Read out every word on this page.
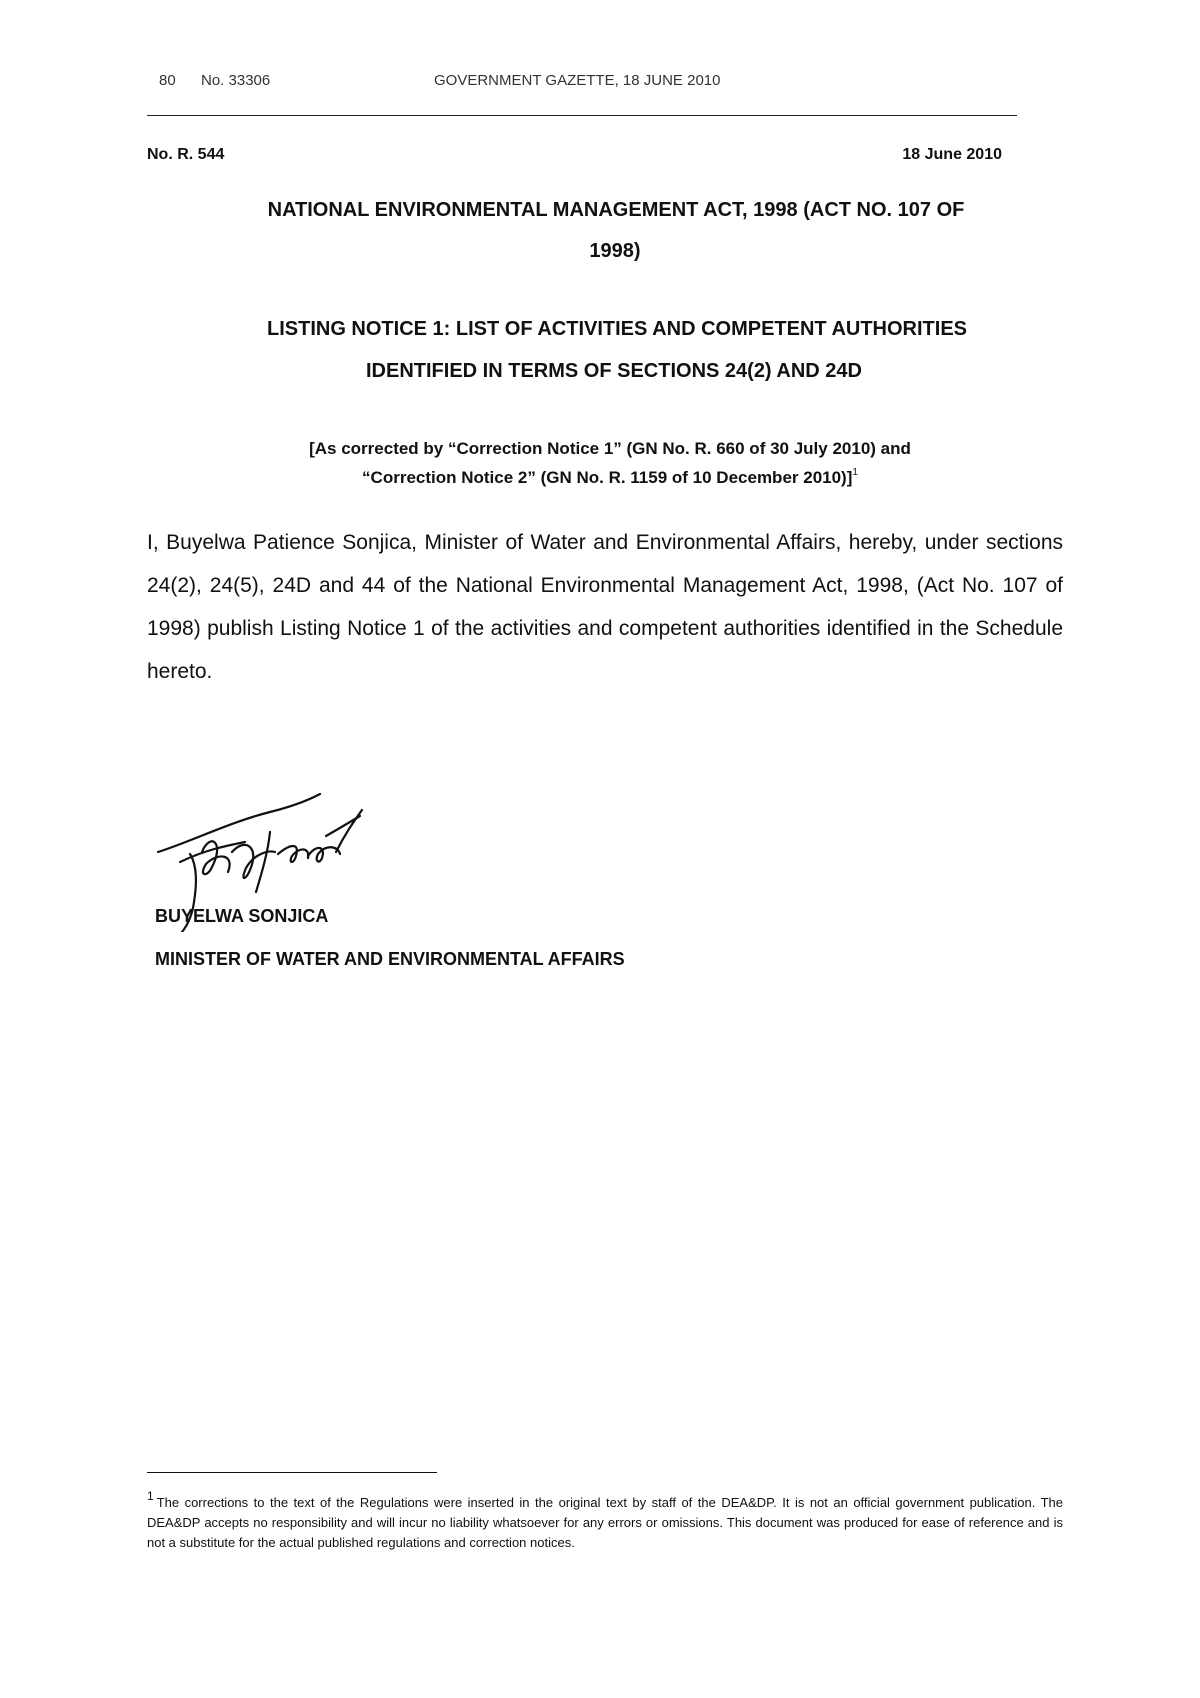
80 No. 33306	GOVERNMENT GAZETTE, 18 JUNE 2010
No. R. 544	18 June 2010
NATIONAL ENVIRONMENTAL MANAGEMENT ACT, 1998 (ACT NO. 107 OF
1998)
LISTING NOTICE 1: LIST OF ACTIVITIES AND COMPETENT AUTHORITIES
IDENTIFIED IN TERMS OF SECTIONS 24(2) AND 24D
[As corrected by “Correction Notice 1” (GN No. R. 660 of 30 July 2010) and
“Correction Notice 2” (GN No. R. 1159 of 10 December 2010)]$^1$

I, Buyelwa Patience Sonjica, Minister of Water and Environmental Affairs, hereby, under sections 24(2), 24(5), 24D and 44 of the National Environmental Management Act, 1998, (Act No. 107 of 1998) publish Listing Notice 1 of the activities and competent authorities identified in the Schedule hereto.

BUYELWA SONJICA
MINISTER OF WATER AND ENVIRONMENTAL AFFAIRS
1 The corrections to the text of the Regulations were inserted in the original text by staff of the DEA&DP. It is not an official government publication. The DEA&DP accepts no responsibility and will incur no liability whatsoever for any errors or omissions. This document was produced for ease of reference and is not a substitute for the actual published regulations and correction notices.
